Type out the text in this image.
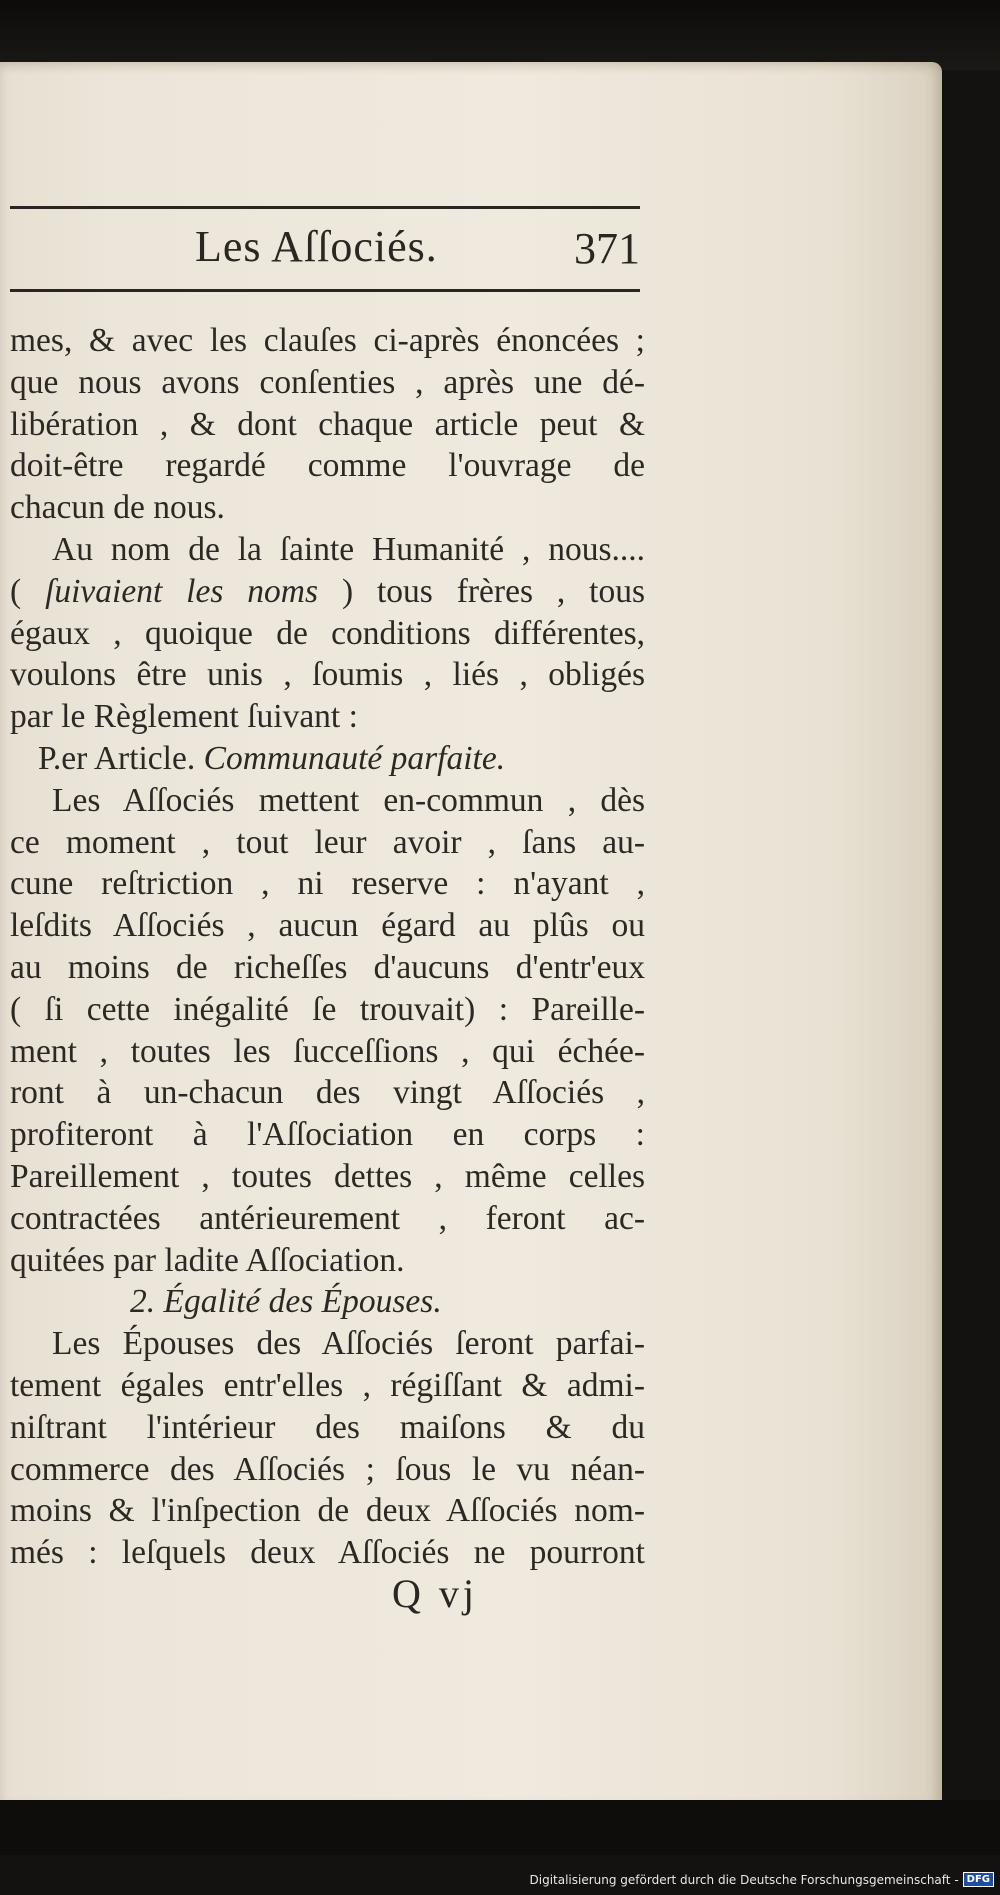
Les Aſſociés.	371
mes, & avec les clauſes ci-après énoncées ;
que nous avons conſenties , après une dé-
libération , & dont chaque article peut &
doit-être regardé comme l'ouvrage de
chacun de nous.
Au nom de la ſainte Humanité , nous....
( ſuivaient les noms ) tous frères , tous
égaux , quoique de conditions différentes,
voulons être unis , ſoumis , liés , obligés
par le Règlement ſuivant :
P.er Article. Communauté parfaite.
Les Aſſociés mettent en-commun , dès
ce moment , tout leur avoir , ſans au-
cune reſtriction , ni reserve : n'ayant ,
leſdits Aſſociés , aucun égard au plûs ou
au moins de richeſſes d'aucuns d'entr'eux
( ſi cette inégalité ſe trouvait) : Pareille-
ment , toutes les ſucceſſions , qui échée-
ront à un-chacun des vingt Aſſociés ,
profiteront à l'Aſſociation en corps :
Pareillement , toutes dettes , même celles
contractées antérieurement , feront ac-
quitées par ladite Aſſociation.
2. Égalité des Épouses.
Les Épouses des Aſſociés ſeront parfai-
tement égales entr'elles , régiſſant & admi-
niſtrant l'intérieur des maiſons & du
commerce des Aſſociés ; ſous le vu néan-
moins & l'inſpection de deux Aſſociés nom-
més : leſquels deux Aſſociés ne pourront
Q vj
Digitalisierung gefördert durch die Deutsche Forschungsgemeinschaft - DFG
